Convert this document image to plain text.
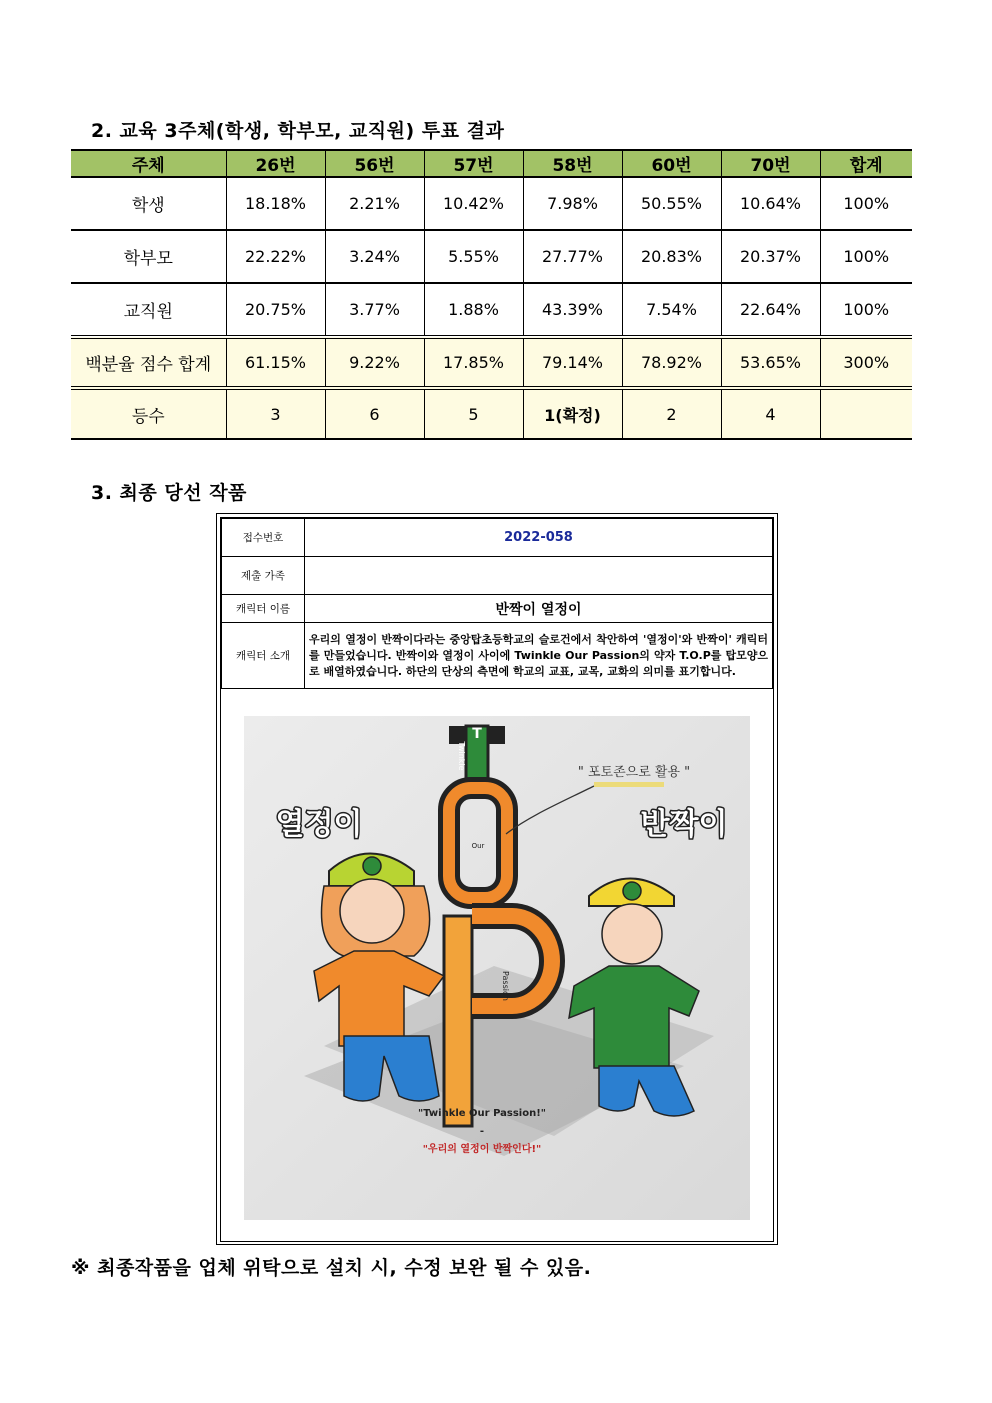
2. 교육 3주체(학생, 학부모, 교직원) 투표 결과
주체	26번	56번	57번	58번	60번	70번	합계
학생	18.18%	2.21%	10.42%	7.98%	50.55%	10.64%	100%
학부모	22.22%	3.24%	5.55%	27.77%	20.83%	20.37%	100%
교직원	20.75%	3.77%	1.88%	43.39%	7.54%	22.64%	100%
백분율 점수 합계	61.15%	9.22%	17.85%	79.14%	78.92%	53.65%	300%
등수	3	6	5	1(확정)	2	4	
3. 최종 당선 작품
접수번호	2022-058
제출 가족	
캐릭터 이름	반짝이 열정이
캐릭터 소개	우리의 열정이 반짝이다라는 중앙탑초등학교의 슬로건에서 착안하여 '열정이'와 반짝이' 캐릭터를 만들었습니다. 반짝이와 열정이 사이에 Twinkle Our Passion의 약자 T.O.P를 탑모양으로 배열하였습니다. 하단의 단상의 측면에 학교의 교표, 교목, 교화의 의미를 표기합니다.
Twinkle
T
Our
Passion
" 포토존으로 활용 "
열정이	반짝이
"Twinkle Our Passion!"
-
"우리의 열정이 반짝인다!"
※ 최종작품을 업체 위탁으로 설치 시, 수정 보완 될 수 있음.
